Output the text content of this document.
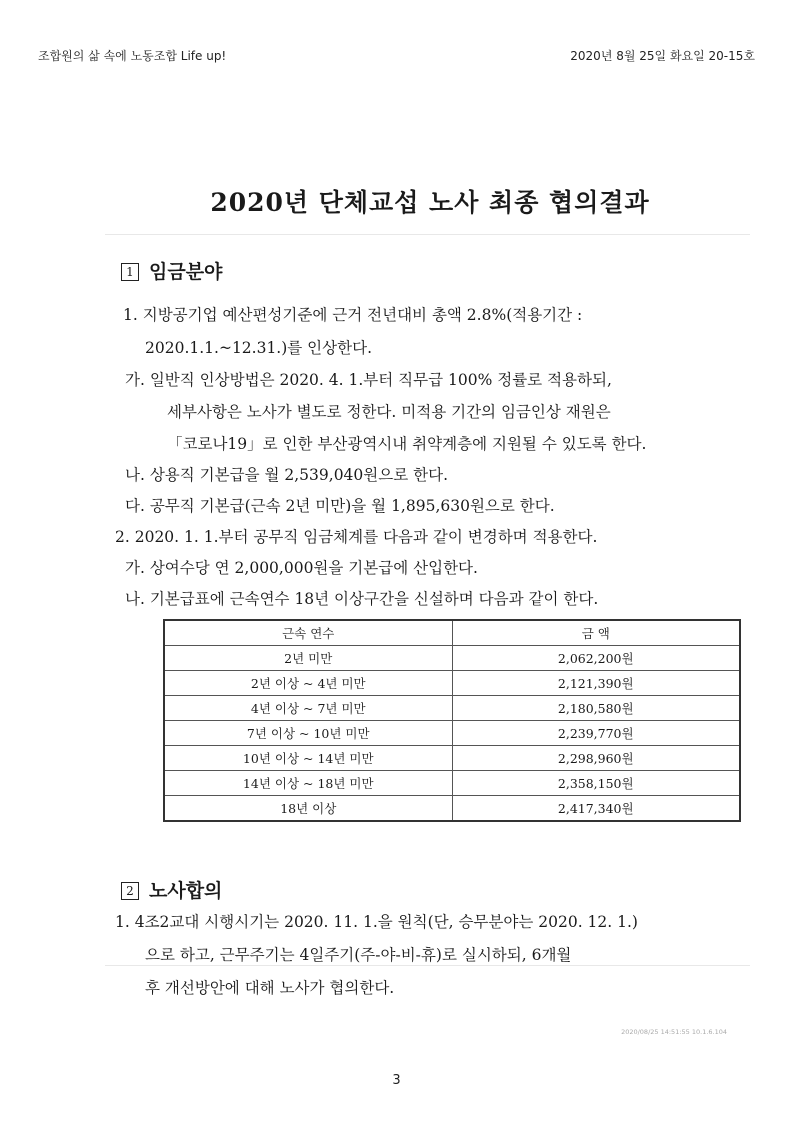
조합원의 삶 속에 노동조합 Life up!	2020년 8월 25일 화요일 20-15호
2020년 단체교섭 노사 최종 협의결과
1 임금분야
1. 지방공기업 예산편성기준에 근거 전년대비 총액 2.8%(적용기간 :
2020.1.1.~12.31.)를 인상한다.
가. 일반직 인상방법은 2020. 4. 1.부터 직무급 100% 정률로 적용하되,
세부사항은 노사가 별도로 정한다. 미적용 기간의 임금인상 재원은
「코로나19」로 인한 부산광역시내 취약계층에 지원될 수 있도록 한다.
나. 상용직 기본급을 월 2,539,040원으로 한다.
다. 공무직 기본급(근속 2년 미만)을 월 1,895,630원으로 한다.
2. 2020. 1. 1.부터 공무직 임금체계를 다음과 같이 변경하며 적용한다.
가. 상여수당 연 2,000,000원을 기본급에 산입한다.
나. 기본급표에 근속연수 18년 이상구간을 신설하며 다음과 같이 한다.
근속 연수	금 액
2년 미만	2,062,200원
2년 이상 ~ 4년 미만	2,121,390원
4년 이상 ~ 7년 미만	2,180,580원
7년 이상 ~ 10년 미만	2,239,770원
10년 이상 ~ 14년 미만	2,298,960원
14년 이상 ~ 18년 미만	2,358,150원
18년 이상	2,417,340원
2 노사합의
1. 4조2교대 시행시기는 2020. 11. 1.을 원칙(단, 승무분야는 2020. 12. 1.)
으로 하고, 근무주기는 4일주기(주-야-비-휴)로 실시하되, 6개월
후 개선방안에 대해 노사가 협의한다.
2020/08/25 14:51:55 10.1.6.104
3
